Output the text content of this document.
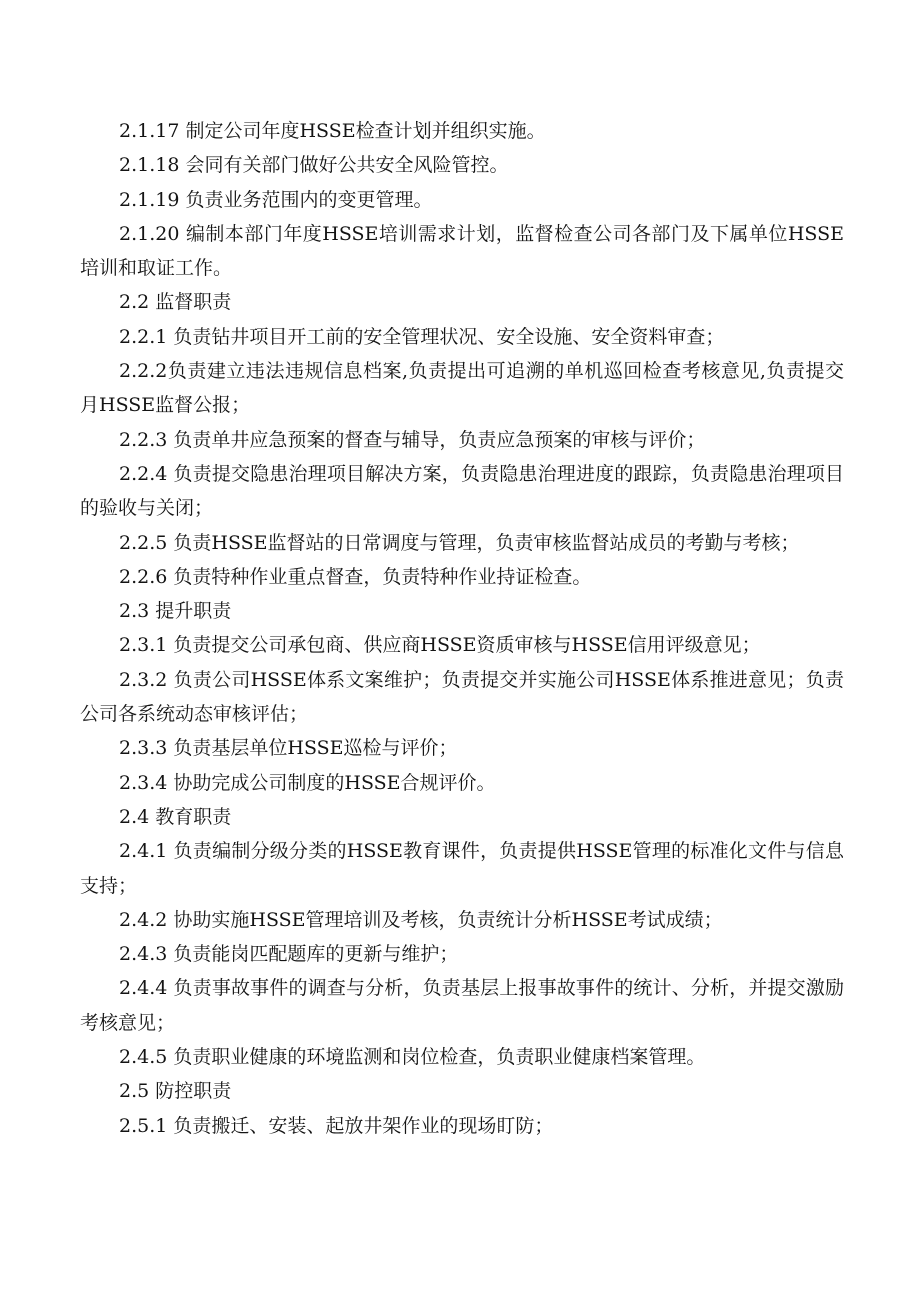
2.1.17 制定公司年度HSSE检查计划并组织实施。

2.1.18 会同有关部门做好公共安全风险管控。

2.1.19 负责业务范围内的变更管理。

2.1.20 编制本部门年度HSSE培训需求计划，监督检查公司各部门及下属单位HSSE培训和取证工作。

2.2 监督职责

2.2.1 负责钻井项目开工前的安全管理状况、安全设施、安全资料审查；

2.2.2负责建立违法违规信息档案,负责提出可追溯的单机巡回检查考核意见,负责提交月HSSE监督公报；

2.2.3 负责单井应急预案的督查与辅导，负责应急预案的审核与评价；

2.2.4 负责提交隐患治理项目解决方案，负责隐患治理进度的跟踪，负责隐患治理项目的验收与关闭；

2.2.5 负责HSSE监督站的日常调度与管理，负责审核监督站成员的考勤与考核；

2.2.6 负责特种作业重点督查，负责特种作业持证检查。

2.3 提升职责

2.3.1 负责提交公司承包商、供应商HSSE资质审核与HSSE信用评级意见；

2.3.2 负责公司HSSE体系文案维护；负责提交并实施公司HSSE体系推进意见；负责公司各系统动态审核评估；

2.3.3 负责基层单位HSSE巡检与评价；

2.3.4 协助完成公司制度的HSSE合规评价。

2.4 教育职责

2.4.1 负责编制分级分类的HSSE教育课件，负责提供HSSE管理的标准化文件与信息支持；

2.4.2 协助实施HSSE管理培训及考核，负责统计分析HSSE考试成绩；

2.4.3 负责能岗匹配题库的更新与维护；

2.4.4 负责事故事件的调查与分析，负责基层上报事故事件的统计、分析，并提交激励考核意见；

2.4.5 负责职业健康的环境监测和岗位检查，负责职业健康档案管理。

2.5 防控职责

2.5.1 负责搬迁、安装、起放井架作业的现场盯防；
